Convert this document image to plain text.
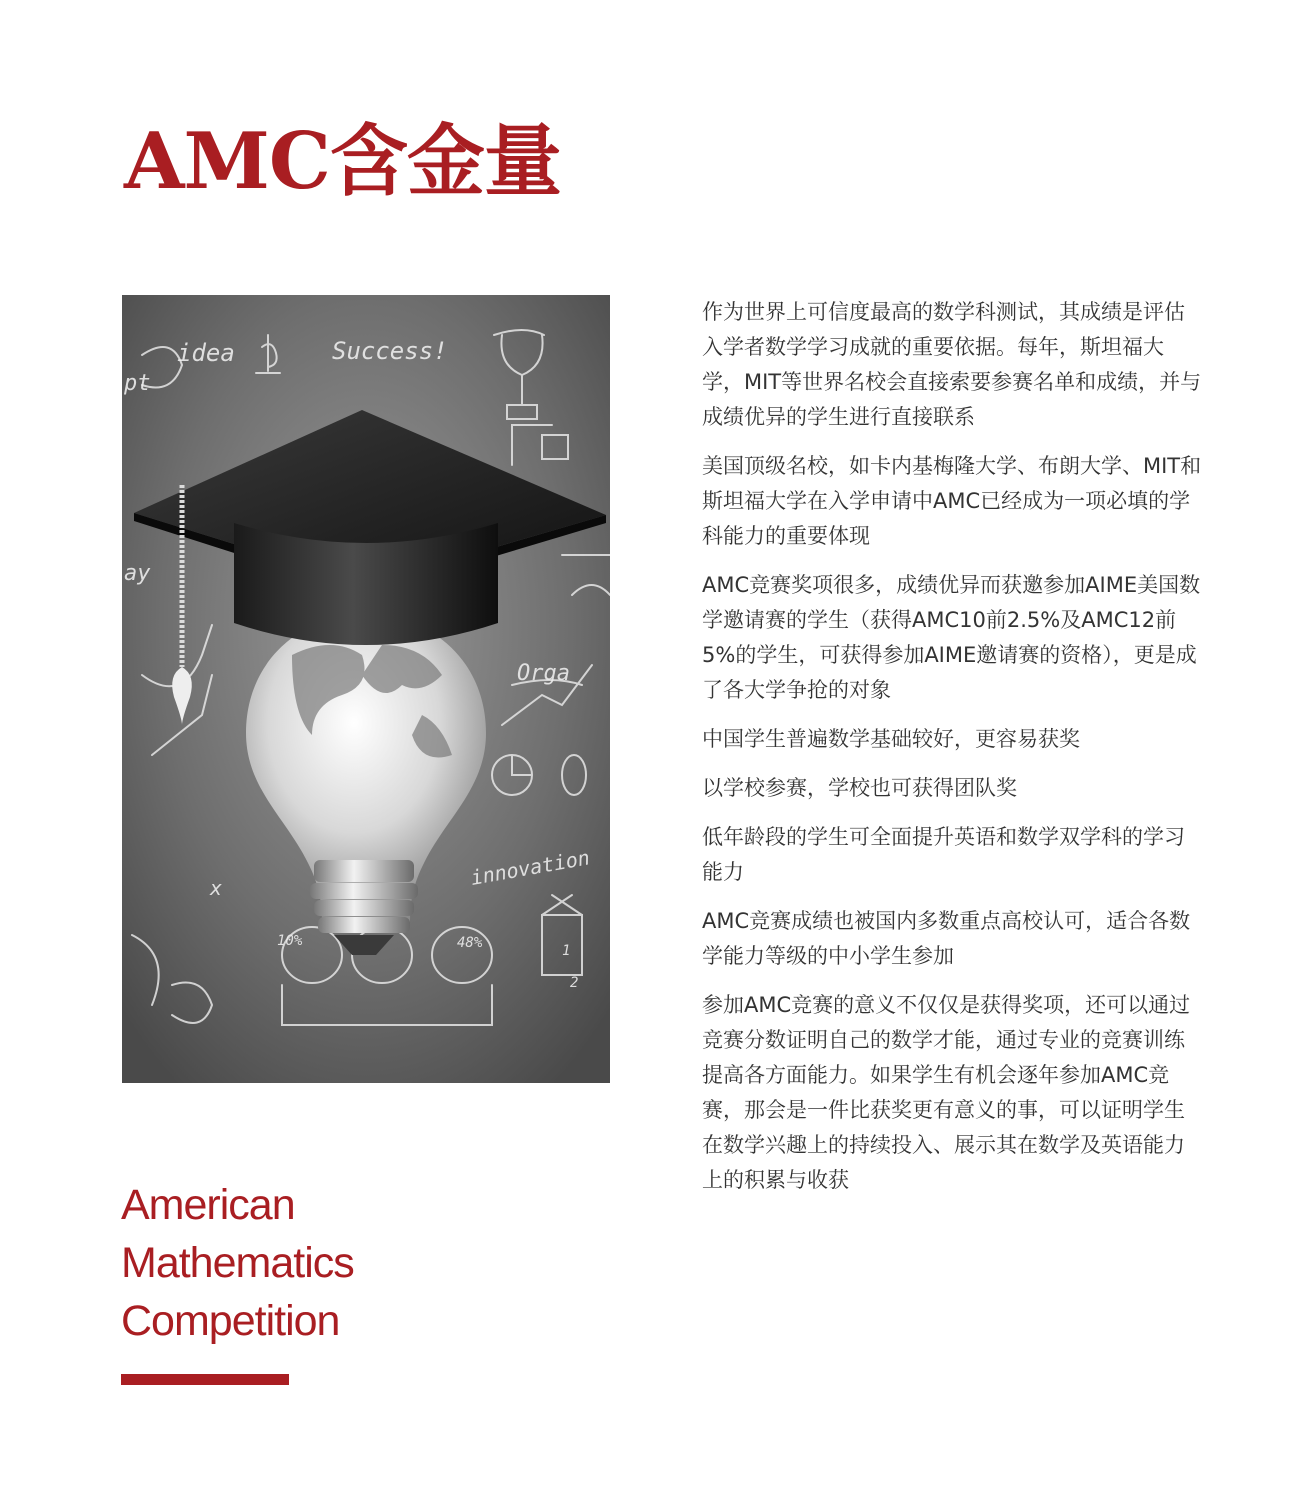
AMC含金量
idea	Success!
innovation
Orga
pt
ay
10%	48%
x
1
2
American
Mathematics
Competition

作为世界上可信度最高的数学科测试，其成绩是评估入学者数学学习成就的重要依据。每年，斯坦福大学，MIT等世界名校会直接索要参赛名单和成绩，并与成绩优异的学生进行直接联系

美国顶级名校，如卡内基梅隆大学、布朗大学、MIT和斯坦福大学在入学申请中AMC已经成为一项必填的学科能力的重要体现

AMC竞赛奖项很多，成绩优异而获邀参加AIME美国数学邀请赛的学生（获得AMC10前2.5%及AMC12前5%的学生，可获得参加AIME邀请赛的资格），更是成了各大学争抢的对象

中国学生普遍数学基础较好，更容易获奖

以学校参赛，学校也可获得团队奖

低年龄段的学生可全面提升英语和数学双学科的学习能力

AMC竞赛成绩也被国内多数重点高校认可，适合各数学能力等级的中小学生参加

参加AMC竞赛的意义不仅仅是获得奖项，还可以通过竞赛分数证明自己的数学才能，通过专业的竞赛训练提高各方面能力。如果学生有机会逐年参加AMC竞赛，那会是一件比获奖更有意义的事，可以证明学生在数学兴趣上的持续投入、展示其在数学及英语能力上的积累与收获
